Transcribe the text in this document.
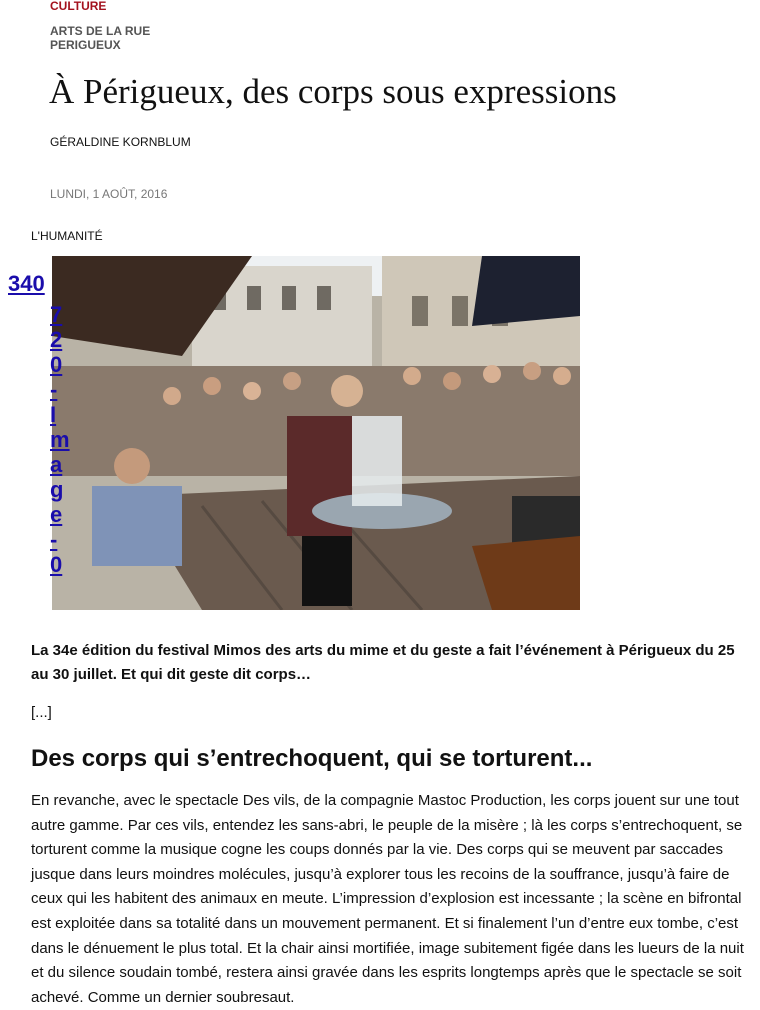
CULTURE
ARTS DE LA RUE
PERIGUEUX
À Périgueux, des corps sous expressions
GÉRALDINE KORNBLUM
LUNDI, 1 AOÛT, 2016
L'HUMANITÉ
340
7
2
0
-
I
m
a
g
e
-
0

La 34e édition du festival Mimos des arts du mime et du geste a fait l’événement à Périgueux du 25 au 30 juillet. Et qui dit geste dit corps…

[...]

Des corps qui s’entrechoquent, qui se torturent...

En revanche, avec le spectacle Des vils, de la compagnie Mastoc Production, les corps jouent sur une tout autre gamme. Par ces vils, entendez les sans-abri, le peuple de la misère ; là les corps s’entrechoquent, se torturent comme la musique cogne les coups donnés par la vie. Des corps qui se meuvent par saccades jusque dans leurs moindres molécules, jusqu’à explorer tous les recoins de la souffrance, jusqu’à faire de ceux qui les habitent des animaux en meute. L’impression d’explosion est incessante ; la scène en bifrontal est exploitée dans sa totalité dans un mouvement permanent. Et si finalement l’un d’entre eux tombe, c’est dans le dénuement le plus total. Et la chair ainsi mortifiée, image subitement figée dans les lueurs de la nuit et du silence soudain tombé, restera ainsi gravée dans les esprits longtemps après que le spectacle se soit achevé. Comme un dernier soubresaut.
